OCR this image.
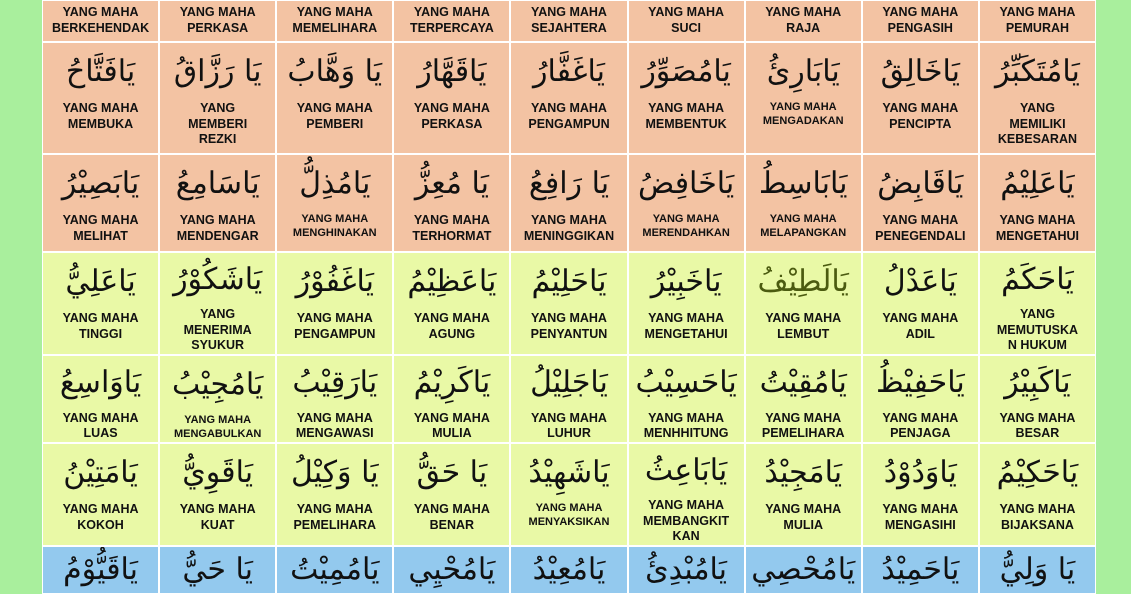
YANG MAHA
BERKEHENDAK
YANG MAHA
PERKASA
YANG MAHA
MEMELIHARA
YANG MAHA
TERPERCAYA
YANG MAHA
SEJAHTERA
YANG MAHA
SUCI
YANG MAHA
RAJA
YANG MAHA
PENGASIH
YANG MAHA
PEMURAH
يَافَتَّاحُ
YANG MAHA
MEMBUKA
يَا رَزَّاقُ
YANG
MEMBERI
REZKI
يَا وَهَّابُ
YANG MAHA
PEMBERI
يَاقَهَّارُ
YANG MAHA
PERKASA
يَاغَفَّارُ
YANG MAHA
PENGAMPUN
يَامُصَوِّرُ
YANG MAHA
MEMBENTUK
يَابَارِئُ
YANG MAHA
MENGADAKAN
يَاخَالِقُ
YANG MAHA
PENCIPTA
يَامُتَكَبِّرُ
YANG
MEMILIKI
KEBESARAN
يَابَصِيْرُ
YANG MAHA
MELIHAT
يَاسَامِعُ
YANG MAHA
MENDENGAR
يَامُذِلُّ
YANG MAHA
MENGHINAKAN
يَا مُعِزُّ
YANG MAHA
TERHORMAT
يَا رَافِعُ
YANG MAHA
MENINGGIKAN
يَاخَافِضُ
YANG MAHA
MERENDAHKAN
يَابَاسِطُ
YANG MAHA
MELAPANGKAN
يَاقَابِضُ
YANG MAHA
PENEGENDALI
يَاعَلِيْمُ
YANG MAHA
MENGETAHUI
يَاعَلِيُّ
YANG MAHA
TINGGI
يَاشَكُوْرُ
YANG
MENERIMA
SYUKUR
يَاغَفُوْرُ
YANG MAHA
PENGAMPUN
يَاعَظِيْمُ
YANG MAHA
AGUNG
يَاحَلِيْمُ
YANG MAHA
PENYANTUN
يَاخَبِيْرُ
YANG MAHA
MENGETAHUI
يَالَطِيْفُ
YANG MAHA
LEMBUT
يَاعَدْلُ
YANG MAHA
ADIL
يَاحَكَمُ
YANG
MEMUTUSKA
N HUKUM
يَاوَاسِعُ
YANG MAHA
LUAS
يَامُجِيْبُ
YANG MAHA
MENGABULKAN
يَارَقِيْبُ
YANG MAHA
MENGAWASI
يَاكَرِيْمُ
YANG MAHA
MULIA
يَاجَلِيْلُ
YANG MAHA
LUHUR
يَاحَسِيْبُ
YANG MAHA
MENHHITUNG
يَامُقِيْتُ
YANG MAHA
PEMELIHARA
يَاحَفِيْظُ
YANG MAHA
PENJAGA
يَاكَبِيْرُ
YANG MAHA
BESAR
يَامَتِيْنُ
YANG MAHA
KOKOH
يَاقَوِيُّ
YANG MAHA
KUAT
يَا وَكِيْلُ
YANG MAHA
PEMELIHARA
يَا حَقُّ
YANG MAHA
BENAR
يَاشَهِيْدُ
YANG MAHA
MENYAKSIKAN
يَابَاعِثُ
YANG MAHA
MEMBANGKIT
KAN
يَامَجِيْدُ
YANG MAHA
MULIA
يَاوَدُوْدُ
YANG MAHA
MENGASIHI
يَاحَكِيْمُ
YANG MAHA
BIJAKSANA
يَاقَيُّوْمُ يَا حَيُّ يَامُمِيْتُ يَامُحْيِي يَامُعِيْدُ يَامُبْدِئُ يَامُحْصِي يَاحَمِيْدُ يَا وَلِيُّ
